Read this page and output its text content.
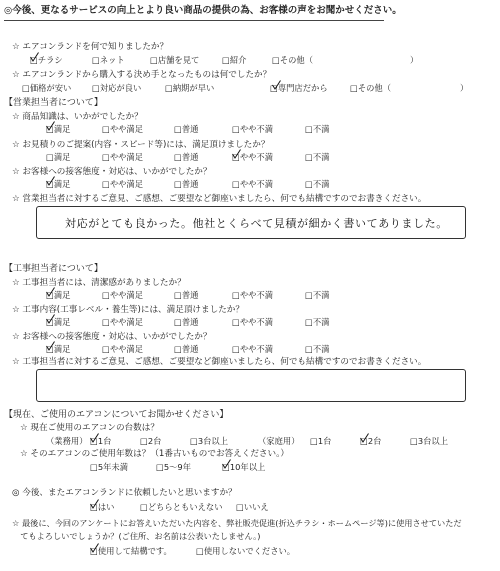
◎今後、更なるサービスの向上とより良い商品の提供の為、お客様の声をお聞かせください。
☆ エアコンランドを何で知りましたか？
□チラシ	□ネット	□店舗を見て	□紹介	□その他（	）
☆ エアコンランドから購入する決め手となったものは何でしたか？
□価格が安い □対応が良い	□納期が早い	□専門店だから	□その他（	）
【営業担当者について】
☆ 商品知識は、いかがでしたか？
□満足	□やや満足	□普通	□やや不満	□不満
☆ お見積りのご提案(内容・スピード等)には、満足頂けましたか？
□満足	□やや満足	□普通	□やや不満	□不満
☆ お客様への接客態度・対応は、いかがでしたか？
□満足	□やや満足	□普通	□やや不満	□不満
☆ 営業担当者に対するご意見、ご感想、ご要望など御座いましたら、何でも結構ですのでお書きください。
対応がとても良かった。他社とくらべて見積が細かく書いてありました。
【工事担当者について】
☆ 工事担当者には、清潔感がありましたか？
□満足	□やや満足	□普通	□やや不満	□不満
☆ 工事内容(工事レベル・養生等)には、満足頂けましたか？
□満足	□やや満足	□普通	□やや不満	□不満
☆ お客様への接客態度・対応は、いかがでしたか？
□満足	□やや満足	□普通	□やや不満	□不満
☆ 工事担当者に対するご意見、ご感想、ご要望など御座いましたら、何でも結構ですのでお書きください。
【現在、ご使用のエアコンについてお聞かせください】
☆ 現在ご使用のエアコンの台数は？
（業務用） □1台	□2台	□3台以上	（家庭用） □1台	□2台	□3台以上
☆ そのエアコンのご使用年数は？（1番古いものでお答えください。）
□5年未満	□5～9年	□10年以上
◎ 今後、またエアコンランドに依頼したいと思いますか？
□はい	□どちらともいえない □いいえ
☆ 最後に、今回のアンケートにお答えいただいた内容を、弊社販売促進(折込チラシ・ホームページ等)に使用させていただ
　てもよろしいでしょうか？(ご住所、お名前は公表いたしません。)
□使用して結構です。	□使用しないでください。
